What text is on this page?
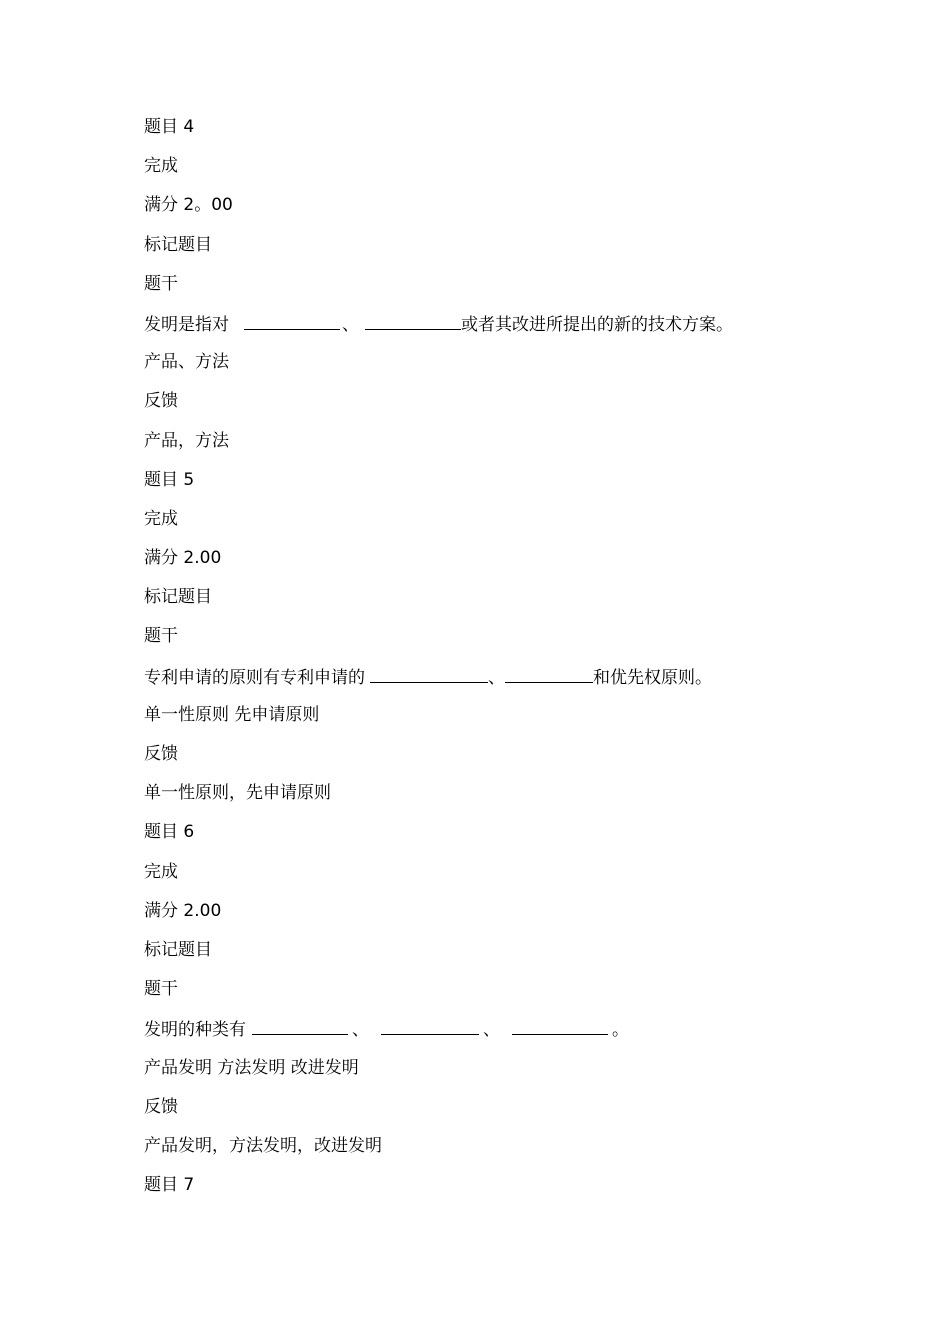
题目 4
完成
满分 2。00
标记题目
题干
发明是指对	、	或者其改进所提出的新的技术方案。
产品、方法
反馈
产品，方法
题目 5
完成
满分 2.00
标记题目
题干
专利申请的原则有专利申请的	、	和优先权原则。
单一性原则 先申请原则
反馈
单一性原则，先申请原则
题目 6
完成
满分 2.00
标记题目
题干
发明的种类有	、	、	。
产品发明 方法发明 改进发明
反馈
产品发明，方法发明，改进发明
题目 7
